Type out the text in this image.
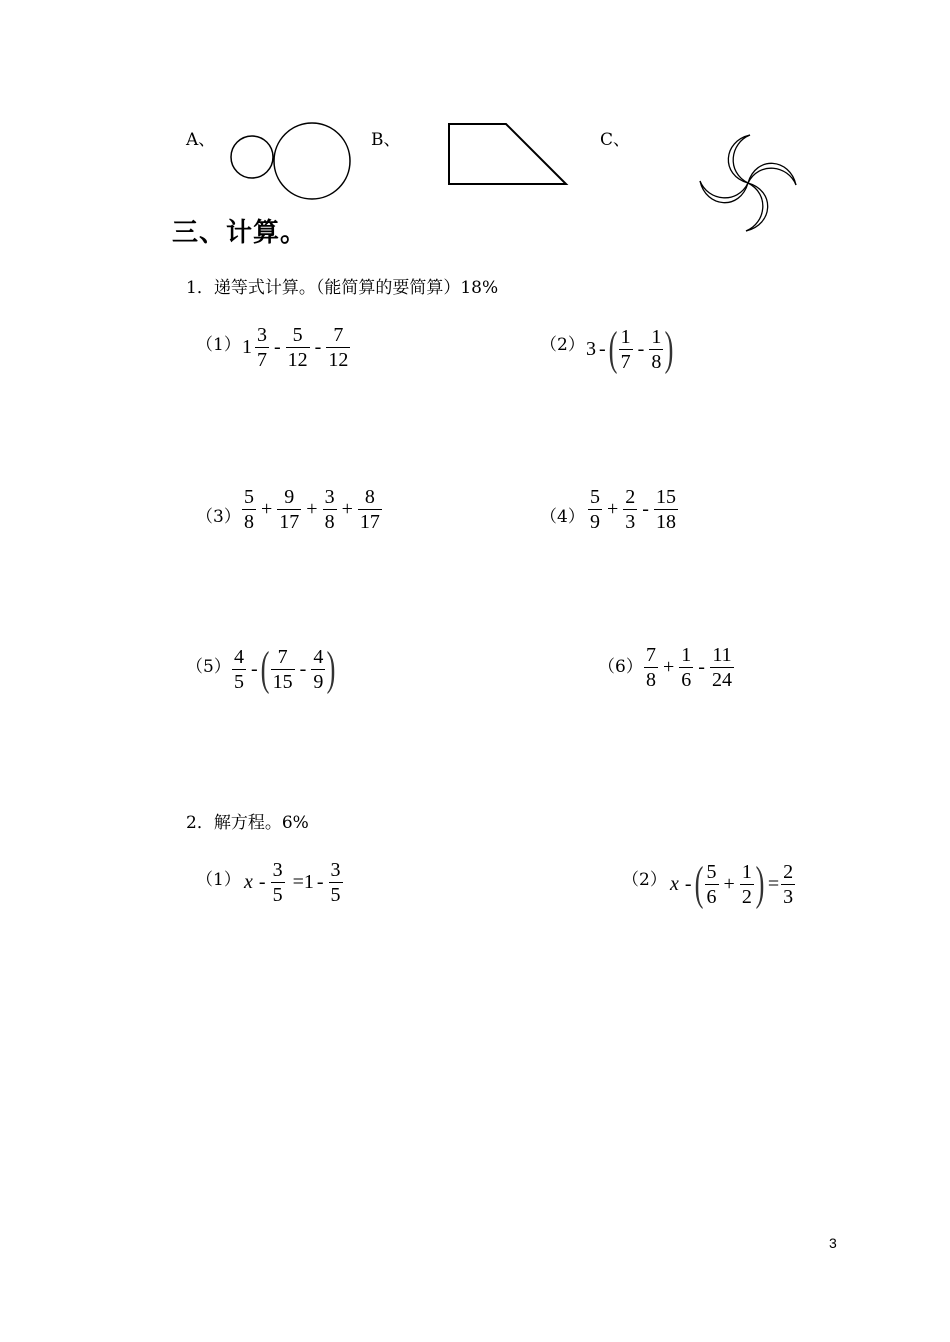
A、	B、	C、
三、计算。
1．递等式计算。（能简算的要简算）18%
（1） $1 \frac{3}{7} - \frac{5}{12} - \frac{7}{12}$	（2） 3 - ( $\frac{1}{7} - \frac{1}{8}$ )
$(3) \frac{5}{8} + \frac{9}{17} + \frac{3}{8} + \frac{8}{17}$	$(4) \frac{5}{9} + \frac{2}{3} - \frac{15}{18}$
$(5) \frac{4}{5}$ - ( $\frac{7}{15} - \frac{4}{9}$ )	$(6) \frac{7}{8} + \frac{1}{6} - \frac{11}{24}$
2．解方程。6%
（1） $x - \frac{3}{5} =1 - \frac{3}{5}$	（2） x - ( $\frac{5}{6} + \frac{1}{2}$ ) = $\frac{2}{3}$
3
